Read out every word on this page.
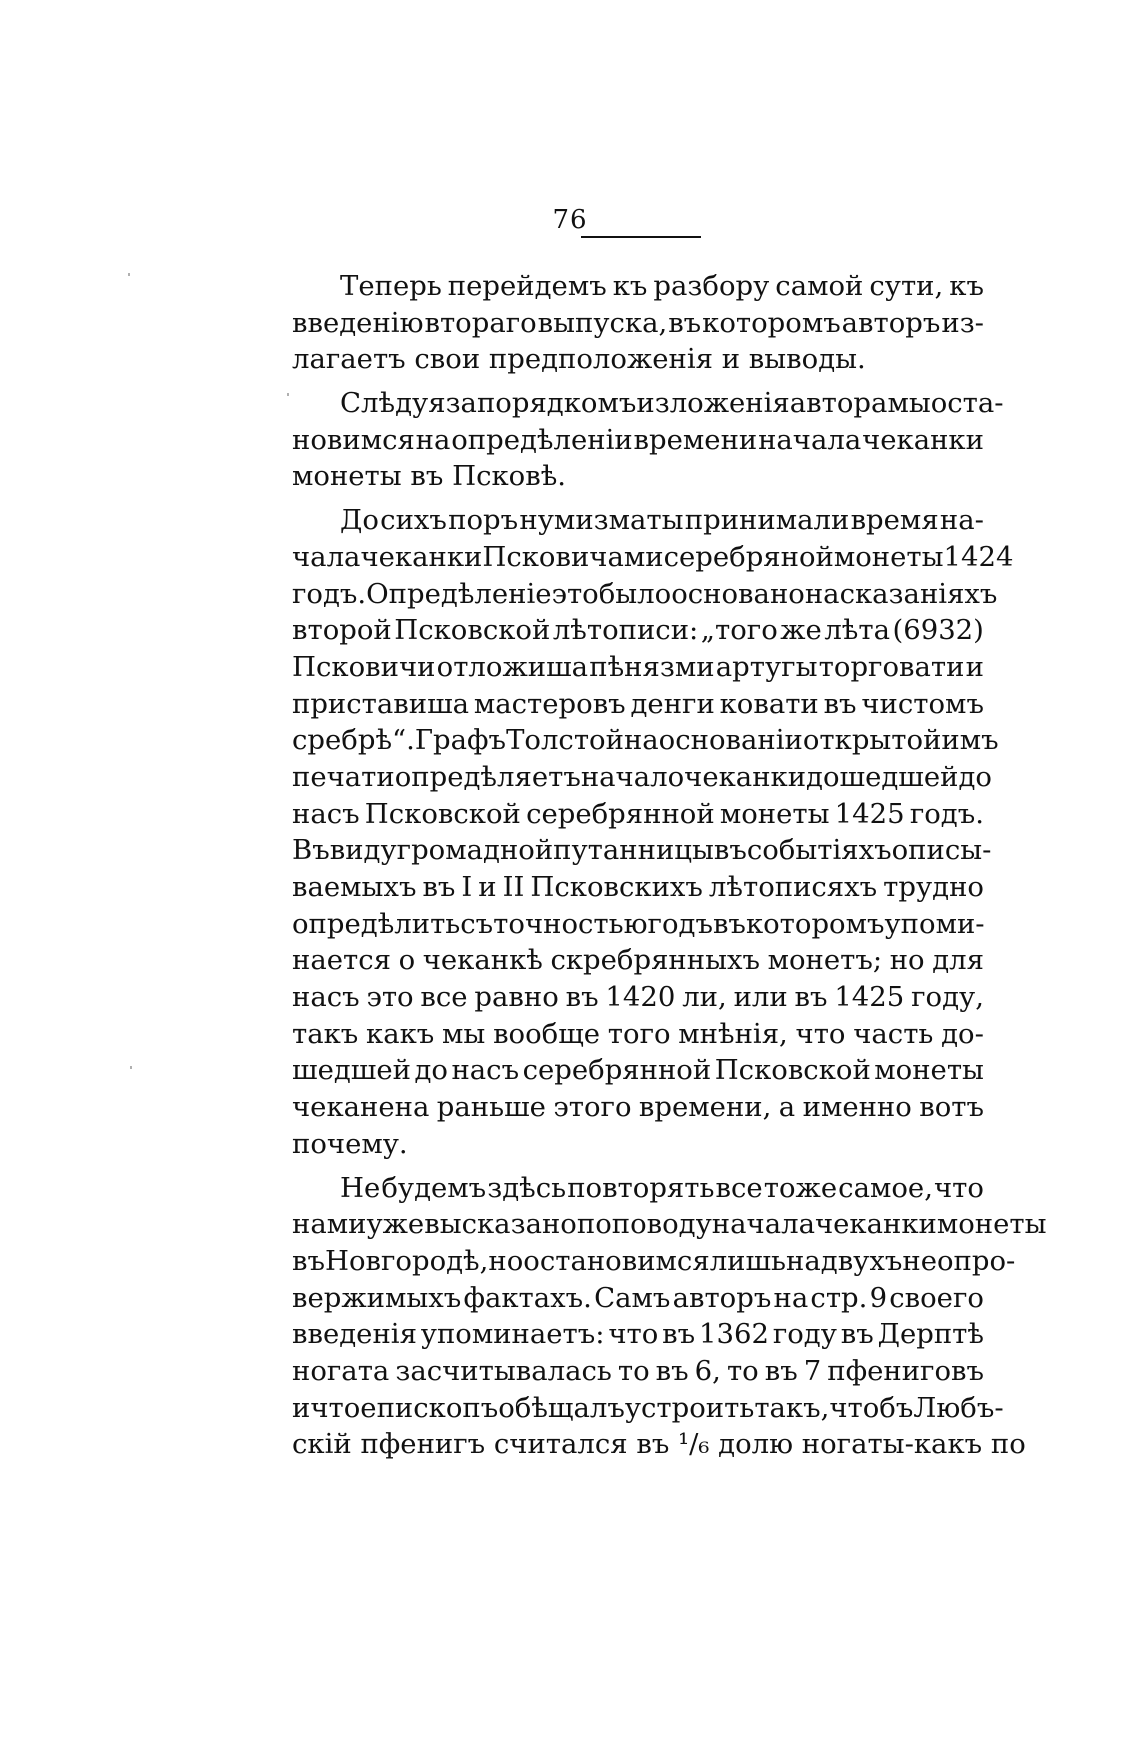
76

Теперь перейдемъ къ разбору самой сути, къ
введенію втораго выпуска, въ которомъ авторъ из-
лагаетъ свои предположенія и выводы.
Слѣдуя за порядкомъ изложенія автора мы оста-
новимся на опредѣленіи времени начала чеканки
монеты въ Псковѣ.
До сихъ поръ нумизматы принимали время на-
чала чеканки Псковичами серебряной монеты 1424
годъ. Опредѣленіе это было основано на сказаніяхъ
второй Псковской лѣтописи: „того же лѣта (6932)
Псковичи отложиша пѣнязми артугы торговати и
приставиша мастеровъ денги ковати въ чистомъ
сребрѣ“. Графъ Толстой на основаніи открытой имъ
печати опредѣляетъ начало чеканки дошедшей до
насъ Псковской серебрянной монеты 1425 годъ.
Въ виду громадной путанницы въ событіяхъ описы-
ваемыхъ въ I и II Псковскихъ лѣтописяхъ трудно
опредѣлить съ точностью годъ въ которомъ упоми-
нается о чеканкѣ скребрянныхъ монетъ; но для
насъ это все равно въ 1420 ли, или въ 1425 году,
такъ какъ мы вообще того мнѣнія, что часть до-
шедшей до насъ серебрянной Псковской монеты
чеканена раньше этого времени, а именно вотъ
почему.
Не будемъ здѣсь повторять все тоже самое, что
нами уже высказано по поводу начала чеканки монеты
въ Новгородѣ, но остановимся лишь на двухъ неопро-
вержимыхъ фактахъ. Самъ авторъ на стр. 9 своего
введенія упоминаетъ: что въ 1362 году въ Дерптѣ
ногата засчитывалась то въ 6, то въ 7 пфениговъ
и что епископъ обѣщалъ устроить такъ, чтобъ Любъ-
скій пфенигъ считался въ ¹/₆ долю ногаты-какъ по
